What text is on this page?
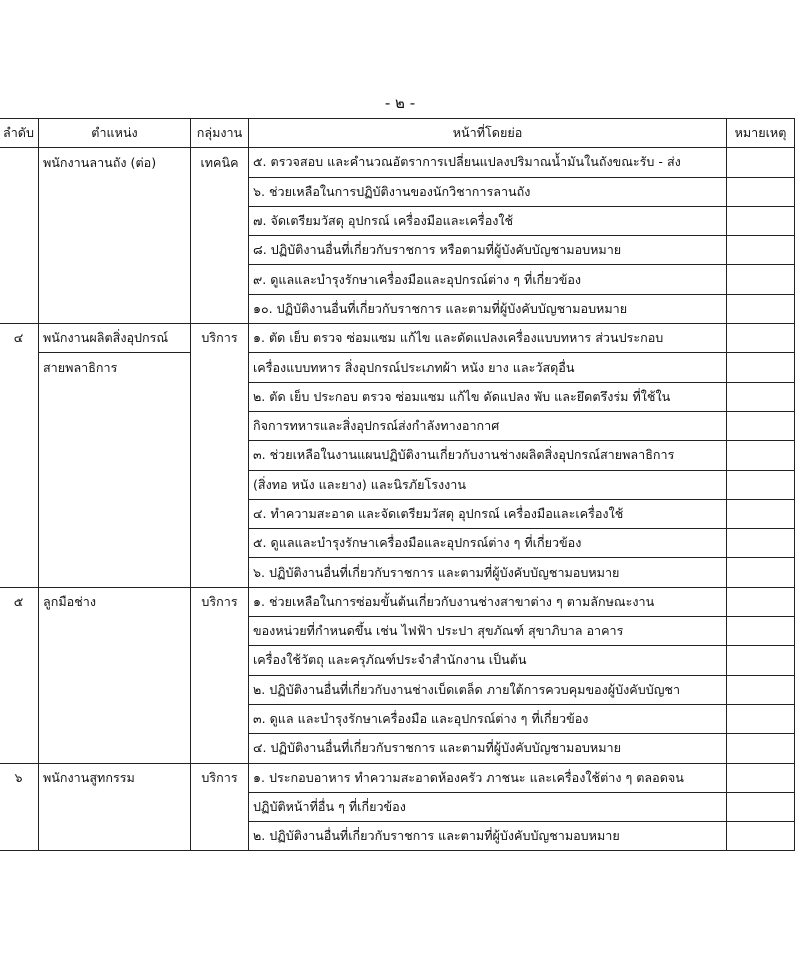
- ๒ -
ลำดับ	ตำแหน่ง	กลุ่มงาน	หน้าที่โดยย่อ	หมายเหตุ
	พนักงานลานถัง (ต่อ)	เทคนิค	๕. ตรวจสอบ และคำนวณอัตราการเปลี่ยนแปลงปริมาณน้ำมันในถังขณะรับ - ส่ง	
			๖. ช่วยเหลือในการปฏิบัติงานของนักวิชาการลานถัง	
			๗. จัดเตรียมวัสดุ อุปกรณ์ เครื่องมือและเครื่องใช้	
			๘. ปฏิบัติงานอื่นที่เกี่ยวกับราชการ หรือตามที่ผู้บังคับบัญชามอบหมาย	
			๙. ดูแลและบำรุงรักษาเครื่องมือและอุปกรณ์ต่าง ๆ ที่เกี่ยวข้อง	
			๑๐. ปฏิบัติงานอื่นที่เกี่ยวกับราชการ และตามที่ผู้บังคับบัญชามอบหมาย	
๔	พนักงานผลิตสิ่งอุปกรณ์	บริการ	๑. ตัด เย็บ ตรวจ ซ่อมแซม แก้ไข และดัดแปลงเครื่องแบบทหาร ส่วนประกอบ	
	สายพลาธิการ		เครื่องแบบทหาร สิ่งอุปกรณ์ประเภทผ้า หนัง ยาง และวัสดุอื่น	
			๒. ตัด เย็บ ประกอบ ตรวจ ซ่อมแซม แก้ไข ดัดแปลง พับ และยึดตรึงร่ม ที่ใช้ใน	
			กิจการทหารและสิ่งอุปกรณ์ส่งกำลังทางอากาศ	
			๓. ช่วยเหลือในงานแผนปฏิบัติงานเกี่ยวกับงานช่างผลิตสิ่งอุปกรณ์สายพลาธิการ	
			(สิ่งทอ หนัง และยาง) และนิรภัยโรงงาน	
			๔. ทำความสะอาด และจัดเตรียมวัสดุ อุปกรณ์ เครื่องมือและเครื่องใช้	
			๕. ดูแลและบำรุงรักษาเครื่องมือและอุปกรณ์ต่าง ๆ ที่เกี่ยวข้อง	
			๖. ปฏิบัติงานอื่นที่เกี่ยวกับราชการ และตามที่ผู้บังคับบัญชามอบหมาย	
๕	ลูกมือช่าง	บริการ	๑. ช่วยเหลือในการซ่อมขั้นต้นเกี่ยวกับงานช่างสาขาต่าง ๆ ตามลักษณะงาน	
			ของหน่วยที่กำหนดขึ้น เช่น ไฟฟ้า ประปา สุขภัณฑ์ สุขาภิบาล อาคาร	
			เครื่องใช้วัตถุ และครุภัณฑ์ประจำสำนักงาน เป็นต้น	
			๒. ปฏิบัติงานอื่นที่เกี่ยวกับงานช่างเบ็ดเตล็ด ภายใต้การควบคุมของผู้บังคับบัญชา	
			๓. ดูแล และบำรุงรักษาเครื่องมือ และอุปกรณ์ต่าง ๆ ที่เกี่ยวข้อง	
			๔. ปฏิบัติงานอื่นที่เกี่ยวกับราชการ และตามที่ผู้บังคับบัญชามอบหมาย	
๖	พนักงานสูทกรรม	บริการ	๑. ประกอบอาหาร ทำความสะอาดห้องครัว ภาชนะ และเครื่องใช้ต่าง ๆ ตลอดจน	
			ปฏิบัติหน้าที่อื่น ๆ ที่เกี่ยวข้อง	
			๒. ปฏิบัติงานอื่นที่เกี่ยวกับราชการ และตามที่ผู้บังคับบัญชามอบหมาย	
